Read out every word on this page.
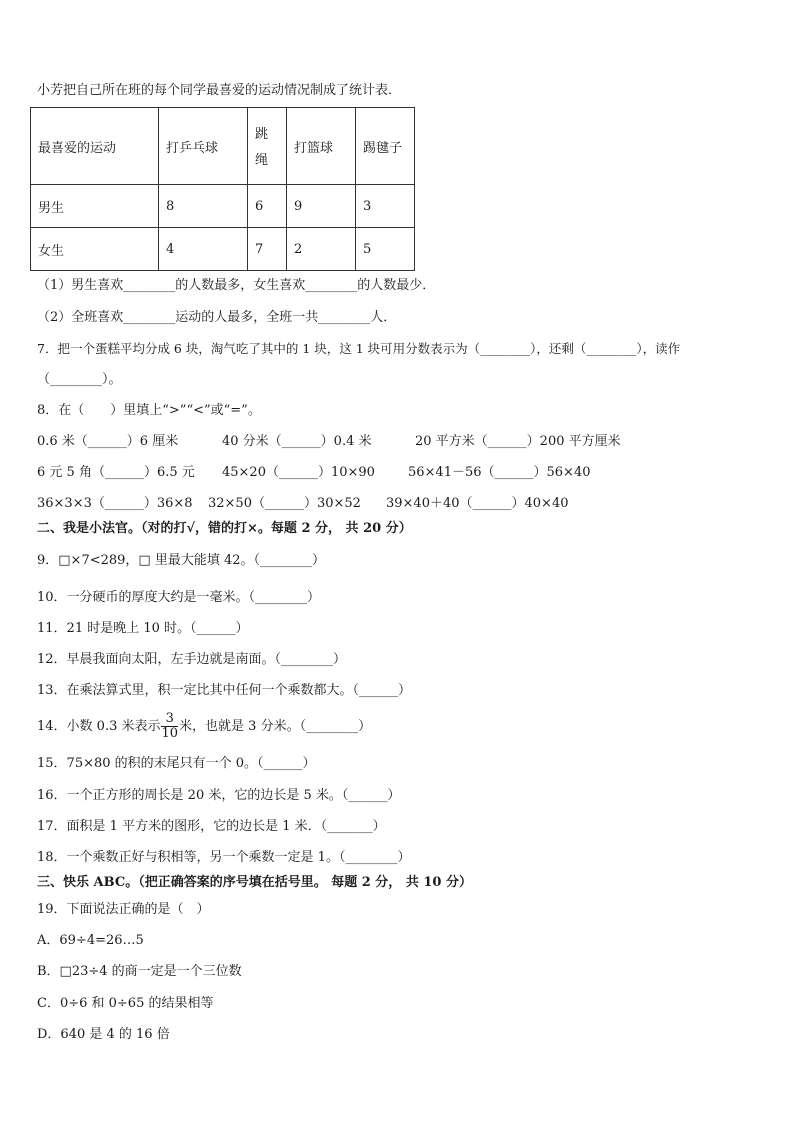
小芳把自己所在班的每个同学最喜爱的运动情况制成了统计表．
最喜爱的运动	打乒乓球	跳绳	打篮球	踢毽子
男生	8	6	9	3
女生	4	7	2	5
（1）男生喜欢________的人数最多，女生喜欢________的人数最少．
（2）全班喜欢________运动的人最多，全班一共________人．
7．把一个蛋糕平均分成 6 块，淘气吃了其中的 1 块，这 1 块可用分数表示为（________），还剩（________），读作
（________）。
8．在（　　）里填上“>”“<”或“=”。
0.6 米（______）6 厘米	40 分米（______）0.4 米	20 平方米（______）200 平方厘米
6 元 5 角（______）6.5 元 45×20（______）10×90	56×41－56（______）56×40
36×3×3（______）36×8 32×50（______）30×52 39×40＋40（______）40×40
二、我是小法官。（对的打√，错的打×。每题 2 分， 共 20 分）
9．□×7<289，□ 里最大能填 42。（________）
10．一分硬币的厚度大约是一毫米。（________）
11．21 时是晚上 10 时。（______）
12．早晨我面向太阳，左手边就是南面。（________）
13．在乘法算式里，积一定比其中任何一个乘数都大。（______）
14．小数 0.3 米表示 $\frac{3}{10}$ 米，也就是 3 分米。（________）
15．75×80 的积的末尾只有一个 0。（______）
16．一个正方形的周长是 20 米，它的边长是 5 米。（______）
17．面积是 1 平方米的图形，它的边长是 1 米．（_______）
18．一个乘数正好与积相等，另一个乘数一定是 1。（________）
三、快乐 ABC。（把正确答案的序号填在括号里。 每题 2 分， 共 10 分）
19．下面说法正确的是（　）
A．69÷4=26…5
B．□23÷4 的商一定是一个三位数
C．0÷6 和 0÷65 的结果相等
D．640 是 4 的 16 倍
